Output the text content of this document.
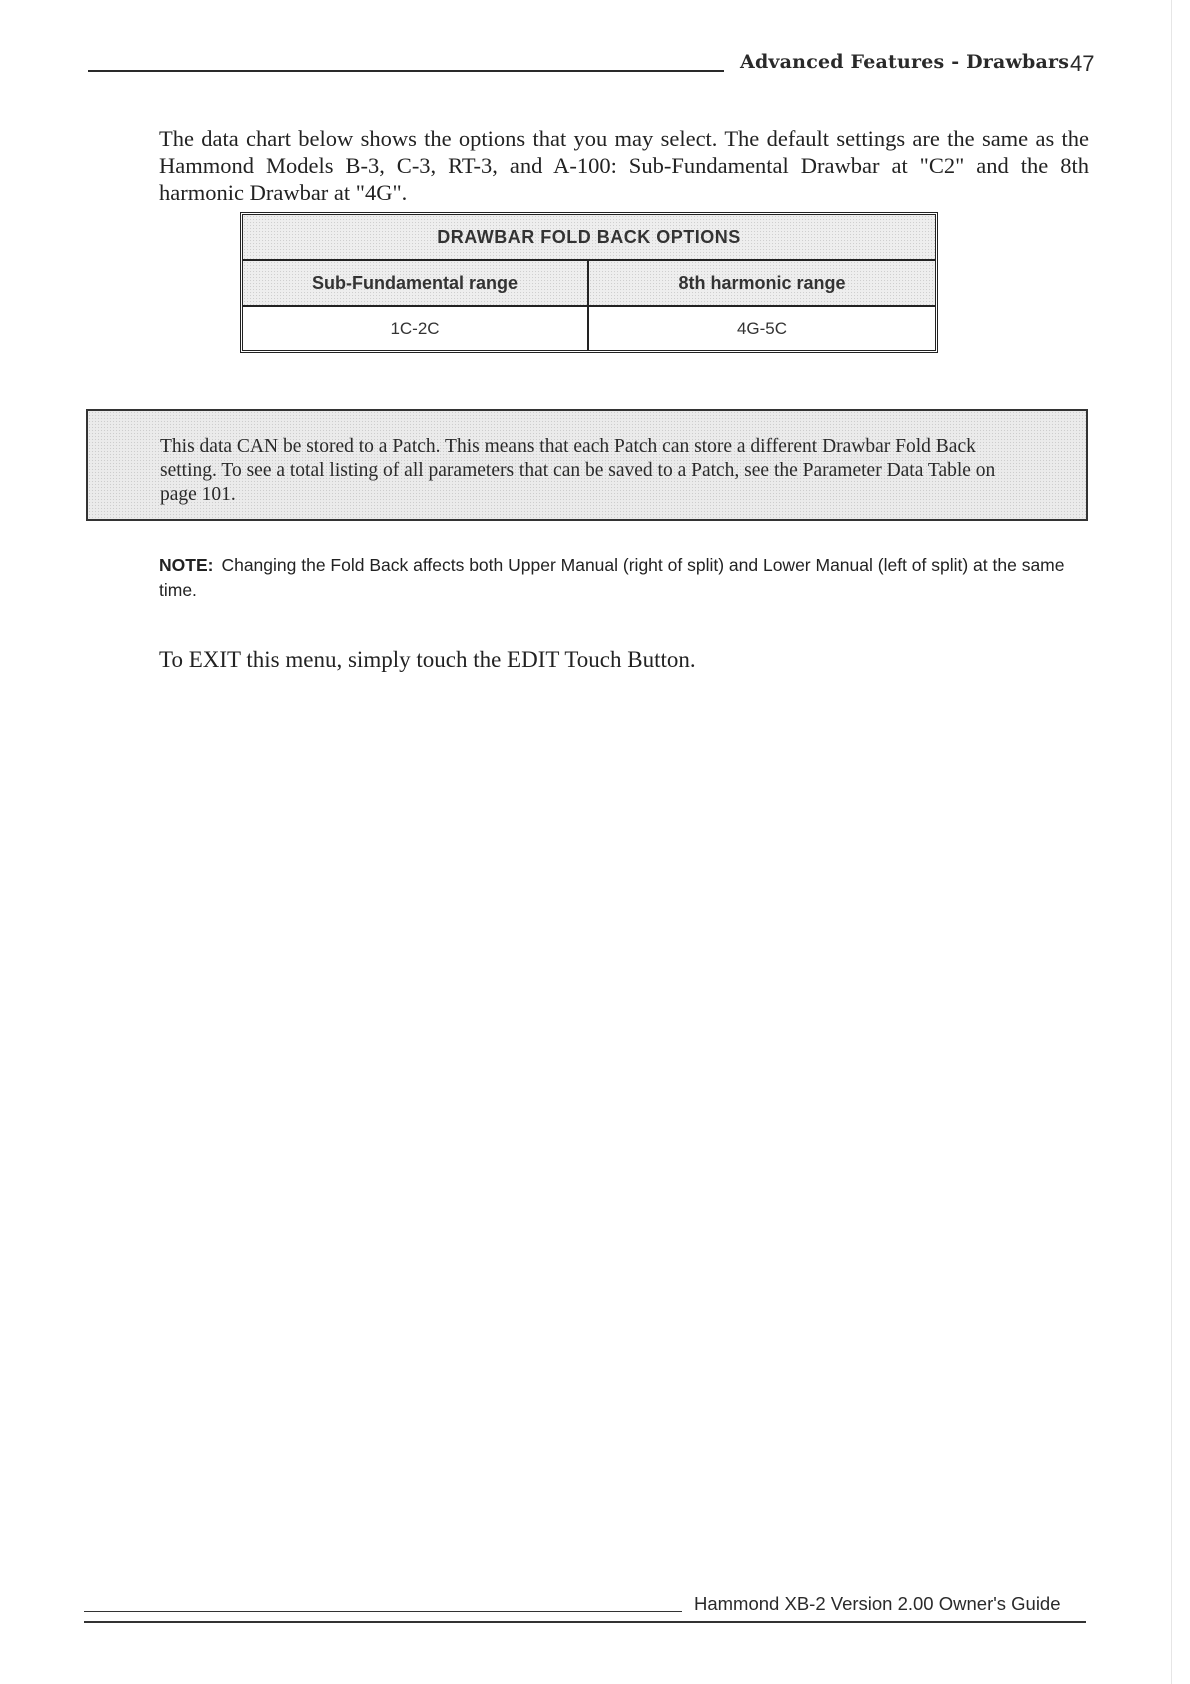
Advanced Features - Drawbars 47

The data chart below shows the options that you may select. The default settings are the same as the Hammond Models B-3, C-3, RT-3, and A-100: Sub-Fundamental Drawbar at "C2" and the 8th harmonic Drawbar at "4G".

DRAWBAR FOLD BACK OPTIONS	
Sub-Fundamental range	8th harmonic range
1C-2C	4G-5C
This data CAN be stored to a Patch. This means that each Patch can store a different Drawbar Fold Back setting. To see a total listing of all parameters that can be saved to a Patch, see the Parameter Data Table on page 101.
NOTE: Changing the Fold Back affects both Upper Manual (right of split) and Lower Manual (left of split) at the same time.
To EXIT this menu, simply touch the EDIT Touch Button.
Hammond XB-2 Version 2.00 Owner's Guide
